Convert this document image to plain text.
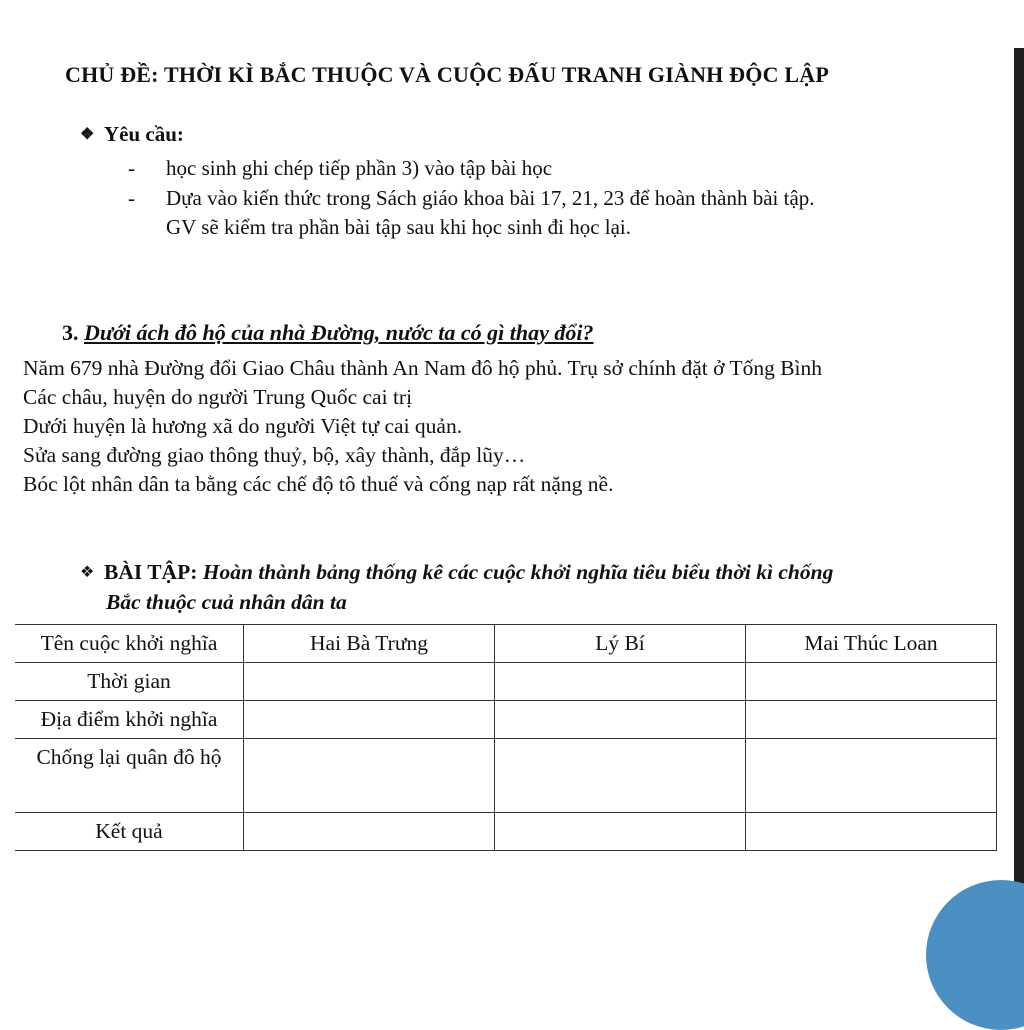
CHỦ ĐỀ: THỜI KÌ BẮC THUỘC VÀ CUỘC ĐẤU TRANH GIÀNH ĐỘC LẬP
❖ Yêu cầu:
- học sinh ghi chép tiếp phần 3) vào tập bài học
- Dựa vào kiến thức trong Sách giáo khoa bài 17, 21, 23 để hoàn thành bài tập.
GV sẽ kiểm tra phần bài tập sau khi học sinh đi học lại.
3. Dưới ách đô hộ của nhà Đường, nước ta có gì thay đổi?
Năm 679 nhà Đường đổi Giao Châu thành An Nam đô hộ phủ. Trụ sở chính đặt ở Tống Bình
Các châu, huyện do người Trung Quốc cai trị
Dưới huyện là hương xã do người Việt tự cai quản.
Sửa sang đường giao thông thuỷ, bộ, xây thành, đắp lũy…
Bóc lột nhân dân ta bằng các chế độ tô thuế và cống nạp rất nặng nề.
❖ BÀI TẬP: Hoàn thành bảng thống kê các cuộc khởi nghĩa tiêu biểu thời kì chống
Bắc thuộc cuả nhân dân ta
Tên cuộc khởi nghĩa	Hai Bà Trưng	Lý Bí	Mai Thúc Loan
Thời gian			
Địa điểm khởi nghĩa			
Chống lại quân đô hộ			
Kết quả			
